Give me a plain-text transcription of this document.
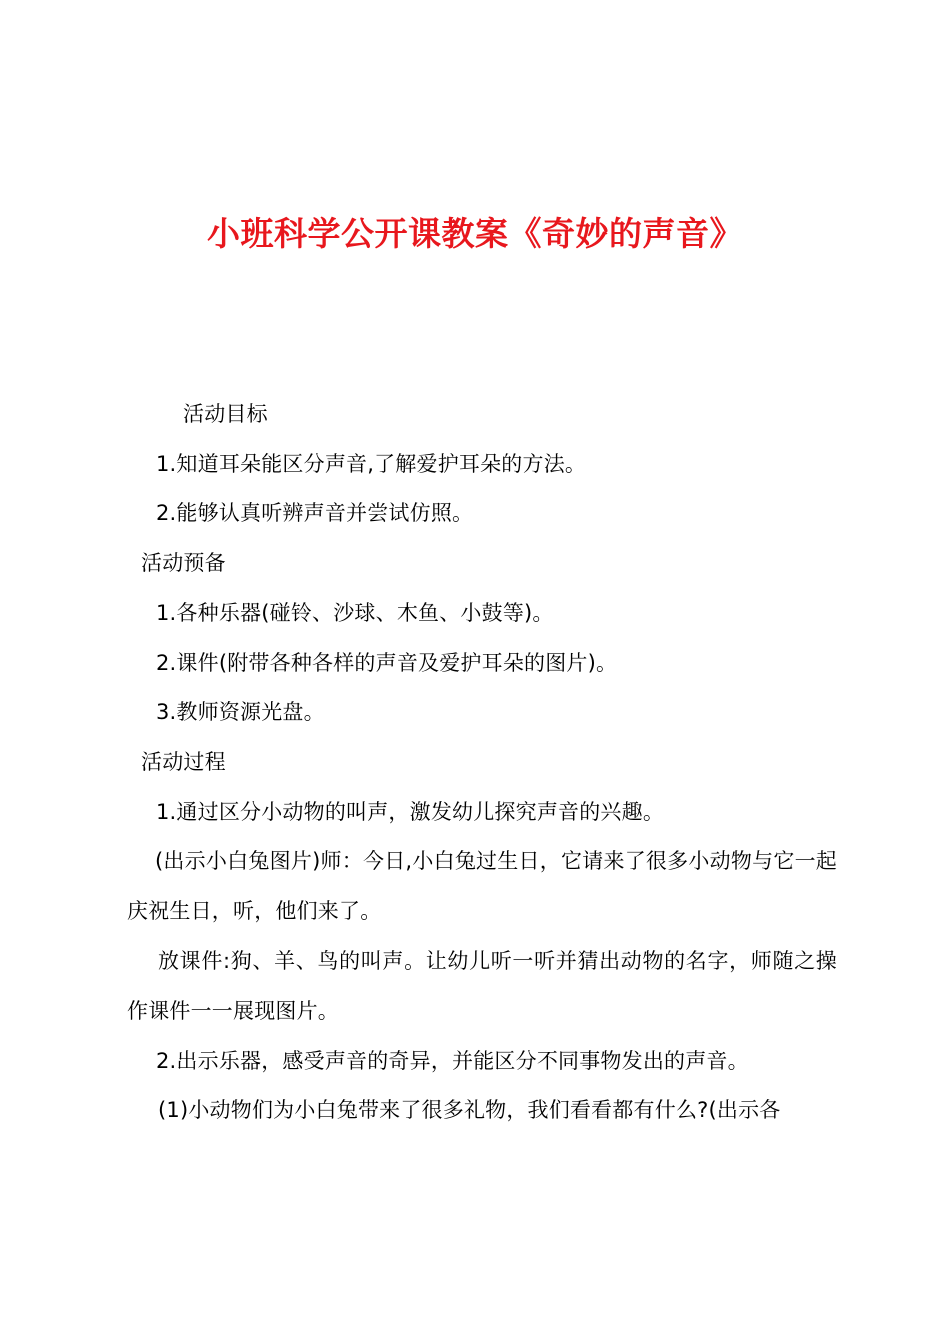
小班科学公开课教案《奇妙的声音》
活动目标
1.知道耳朵能区分声音,了解爱护耳朵的方法。
2.能够认真听辨声音并尝试仿照。
活动预备
1.各种乐器(碰铃、沙球、木鱼、小鼓等)。
2.课件(附带各种各样的声音及爱护耳朵的图片)。
3.教师资源光盘。
活动过程
1.通过区分小动物的叫声，激发幼儿探究声音的兴趣。
(出示小白兔图片)师：今日,小白兔过生日，它请来了很多小动物与它一起庆祝生日，听，他们来了。
放课件:狗、羊、鸟的叫声。让幼儿听一听并猜出动物的名字，师随之操作课件一一展现图片。
2.出示乐器，感受声音的奇异，并能区分不同事物发出的声音。
(1)小动物们为小白兔带来了很多礼物，我们看看都有什么?(出示各
